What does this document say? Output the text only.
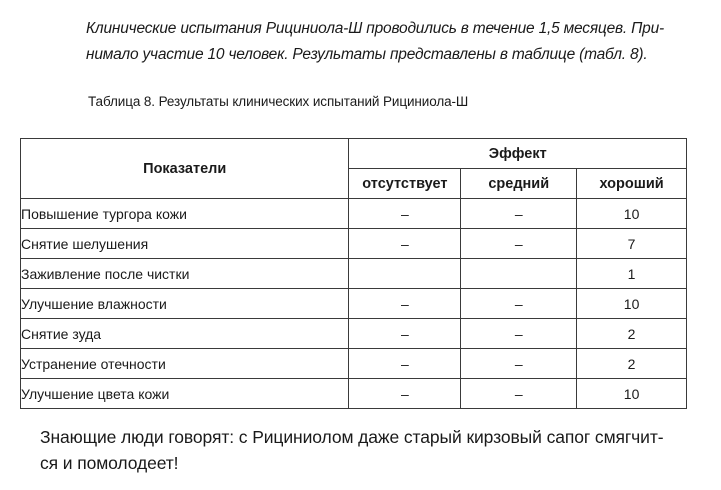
Клинические испытания Рициниола-Ш проводились в течение 1,5 месяцев. При-
нимало участие 10 человек. Результаты представлены в таблице (табл. 8).

Таблица 8. Результаты клинических испытаний Рициниола-Ш

Показатели	Эффект		
	отсутствует	средний	хороший
Повышение тургора кожи	–	–	10
Снятие шелушения	–	–	7
Заживление после чистки			1
Улучшение влажности	–	–	10
Снятие зуда	–	–	2
Устранение отечности	–	–	2
Улучшение цвета кожи	–	–	10

Знающие люди говорят: с Рициниолом даже старый кирзовый сапог смягчит-
ся и помолодеет!
